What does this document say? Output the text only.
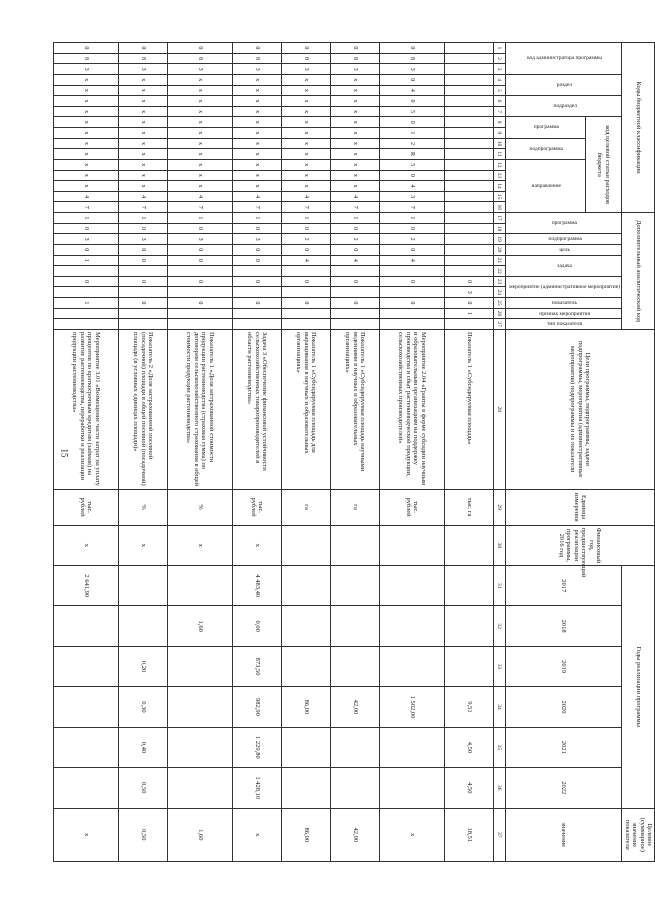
15
Коды бюджетной классификации																Дополнительный аналитический код											Цели программы, подпрограммы, задачи подпрограммы, мероприятия (административные мероприятия) подпрограммы и их показатели	Единица измерения	Финансовый год, предшествующий реализации программы, 2016 год	Годы реализации программы						Целевое (суммарное) значение показателя
код администратора программы			раздел		подраздел		код целевой статьи расходов бюджета									программа		подпрограмма	цель	задача		мероприятие (административное мероприятие)		показатель	признак мероприятия	тип показателя				2017	2018	2019	2020	2021	2022	значение
							программа		подпрограмма		направление																									
1	2	3	4	5	6	7	8	9	10	11	12	13	14	15	16	17	18	19	20	21	22	23	24	25	26	27	28	29	30	31	32	33	34	35	36	37
																						0	3	0	1		Показатель 1 «Субсидируемая площадь»	тыс. га					9,51	4,50	4,50	18,51
0	8	3	0	4	0	5	0	1	2	R	5	0	4	3	7	1	0	2	0	4		0		0			Мероприятие 2.04 «Гранты в форме субсидии научным и образовательным организациям на поддержку производства и сбыт растениеводческой продукции, сельскохозяйственных производителей»	тыс. рублей					1 502,00			х
0	8	3	х	х	х	х	х	х	х	х	х	х	х	4	7	1	0	2	0	4		0		0			Показатель 1 «Субсидируемая площадь научными ведениями в научных и образовательных организациях»	га					42,00			42,00
0	8	3	х	х	х	х	х	х	х	х	х	х	х	4	7	1	0	2	0	4		0		0			Показатель 1 «Субсидируемая площадь для выращивания в научных и образовательных организациях»	га					86,00			86,00
0	8	3	х	х	х	х	х	х	х	х	х	х	х	4	7	1	0	3	0	0		0		0			Задача 3 «Обеспечение финансовой устойчивости сельскохозяйственных товаропроизводителей в области растениеводства»	тыс. рублей	х	4 483,40	0,00	873,50	982,90	1 229,80	1 428,10	х
0	8	3	х	х	х	х	х	х	х	х	х	х	х	4	7	1	0	3	0	0		0		0			Показатель 1 «Доля застрахованной стоимости продукции растениеводства (страховая сумма) по договорам сельскохозяйственного страхования в общей стоимости продукции растениеводства»	%	х		1,60					1,60
0	8	3	х	х	х	х	х	х	х	х	х	х	х	4	7	1	0	3	0	0		0		0			Показатель 2 «Доля застрахованной посевной (посадочной) площади в общей посевной (посадочной) площади (в условных единицах площади)»	%	х			0,20	0,30	0,40	0,50	0,50
0	8	3	х	х	х	х	х	х	х	х	х	х	х	4	7	1	0	3	0	1		0		1			Мероприятие 3.01 «Возмещение части затрат на уплату процентов по краткосрочным кредитам (займам) на развитие растениеводства, переработки и реализации продукции растениеводства»	тыс. рублей	х	2 641,90						х
